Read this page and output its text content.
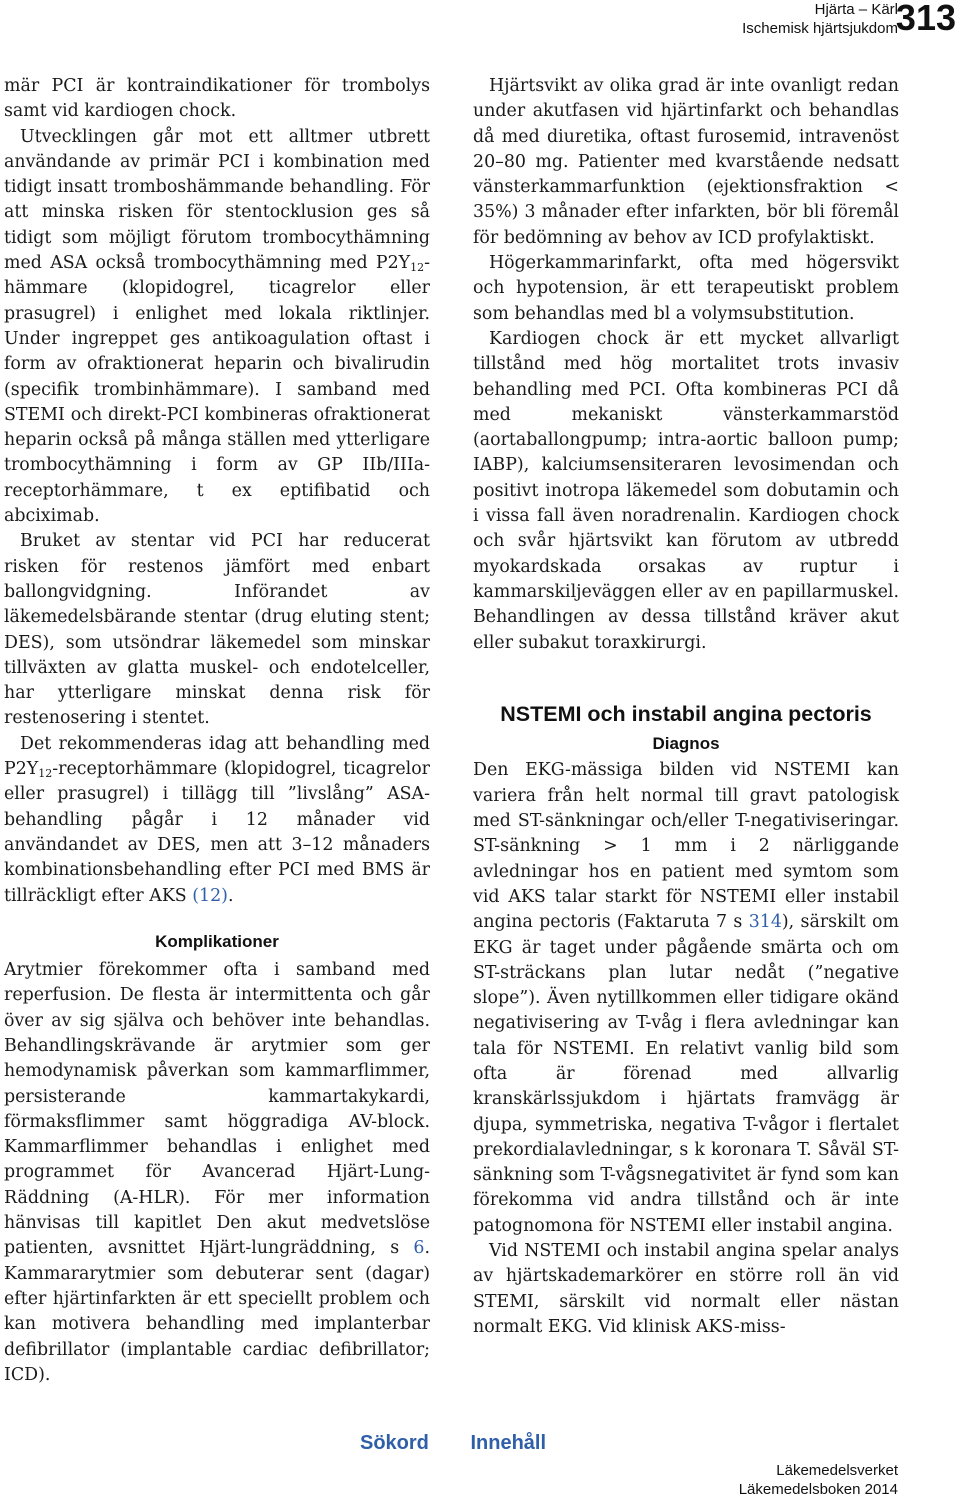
Hjärta – Kärl
Ischemisk hjärtsjukdom
313

mär PCI är kontraindikationer för trombolys samt vid kardiogen chock.

Utvecklingen går mot ett alltmer utbrett användande av primär PCI i kombination med tidigt insatt tromboshämmande behandling. För att minska risken för stentocklusion ges så tidigt som möjligt förutom trombocythämning med ASA också trombocythämning med $P2Y_{12}$-hämmare (klopidogrel, ticagrelor eller prasugrel) i enlighet med lokala riktlinjer. Under ingreppet ges antikoagulation oftast i form av ofraktionerat heparin och bivalirudin (specifik trombinhämmare). I samband med STEMI och direkt-PCI kombineras ofraktionerat heparin också på många ställen med ytterligare trombocythämning i form av GP IIb/IIIa-receptorhämmare, t ex eptifibatid och abciximab.

Bruket av stentar vid PCI har reducerat risken för restenos jämfört med enbart ballongvidgning. Införandet av läkemedelsbärande stentar (drug eluting stent; DES), som utsöndrar läkemedel som minskar tillväxten av glatta muskel- och endotelceller, har ytterligare minskat denna risk för restenosering i stentet.

Det rekommenderas idag att behandling med $P2Y_{12}$-receptorhämmare (klopidogrel, ticagrelor eller prasugrel) i tillägg till ”livslång” ASA-behandling pågår i 12 månader vid användandet av DES, men att 3–12 månaders kombinationsbehandling efter PCI med BMS är tillräckligt efter AKS (12).

Komplikationer

Arytmier förekommer ofta i samband med reperfusion. De flesta är intermittenta och går över av sig själva och behöver inte behandlas. Behandlingskrävande är arytmier som ger hemodynamisk påverkan som kammarflimmer, persisterande kammartakykardi, förmaksflimmer samt höggradiga AV-block. Kammarflimmer behandlas i enlighet med programmet för Avancerad Hjärt-Lung-Räddning (A-HLR). För mer information hänvisas till kapitlet Den akut medvetslöse patienten, avsnittet Hjärt-lungräddning, s 6. Kammararytmier som debuterar sent (dagar) efter hjärtinfarkten är ett speciellt problem och kan motivera behandling med implanterbar defibrillator (implantable cardiac defibrillator; ICD).

Hjärtsvikt av olika grad är inte ovanligt redan under akutfasen vid hjärtinfarkt och behandlas då med diuretika, oftast furosemid, intravenöst 20–80 mg. Patienter med kvarstående nedsatt vänsterkammarfunktion (ejektionsfraktion < 35%) 3 månader efter infarkten, bör bli föremål för bedömning av behov av ICD profylaktiskt.

Högerkammarinfarkt, ofta med högersvikt och hypotension, är ett terapeutiskt problem som behandlas med bl a volymsubstitution.

Kardiogen chock är ett mycket allvarligt tillstånd med hög mortalitet trots invasiv behandling med PCI. Ofta kombineras PCI då med mekaniskt vänsterkammarstöd (aortaballongpump; intra-aortic balloon pump; IABP), kalciumsensiteraren levosimendan och positivt inotropa läkemedel som dobutamin och i vissa fall även noradrenalin. Kardiogen chock och svår hjärtsvikt kan förutom av utbredd myokardskada orsakas av ruptur i kammarskiljeväggen eller av en papillarmuskel. Behandlingen av dessa tillstånd kräver akut eller subakut toraxkirurgi.

NSTEMI och instabil angina pectoris
Diagnos

Den EKG-mässiga bilden vid NSTEMI kan variera från helt normal till gravt patologisk med ST-sänkningar och/eller T-negativiseringar. ST-sänkning > 1 mm i 2 närliggande avledningar hos en patient med symtom som vid AKS talar starkt för NSTEMI eller instabil angina pectoris (Faktaruta 7 s 314), särskilt om EKG är taget under pågående smärta och om ST-sträckans plan lutar nedåt (”negative slope”). Även nytillkommen eller tidigare okänd negativisering av T-våg i flera avledningar kan tala för NSTEMI. En relativt vanlig bild som ofta är förenad med allvarlig kranskärlssjukdom i hjärtats framvägg är djupa, symmetriska, negativa T-vågor i flertalet prekordialavledningar, s k koronara T. Såväl ST-sänkning som T-vågsnegativitet är fynd som kan förekomma vid andra tillstånd och är inte patognomona för NSTEMI eller instabil angina.

Vid NSTEMI och instabil angina spelar analys av hjärtskademarkörer en större roll än vid STEMI, särskilt vid normalt eller nästan normalt EKG. Vid klinisk AKS-miss-

Sökord Innehåll
Läkemedelsverket
Läkemedelsboken 2014
